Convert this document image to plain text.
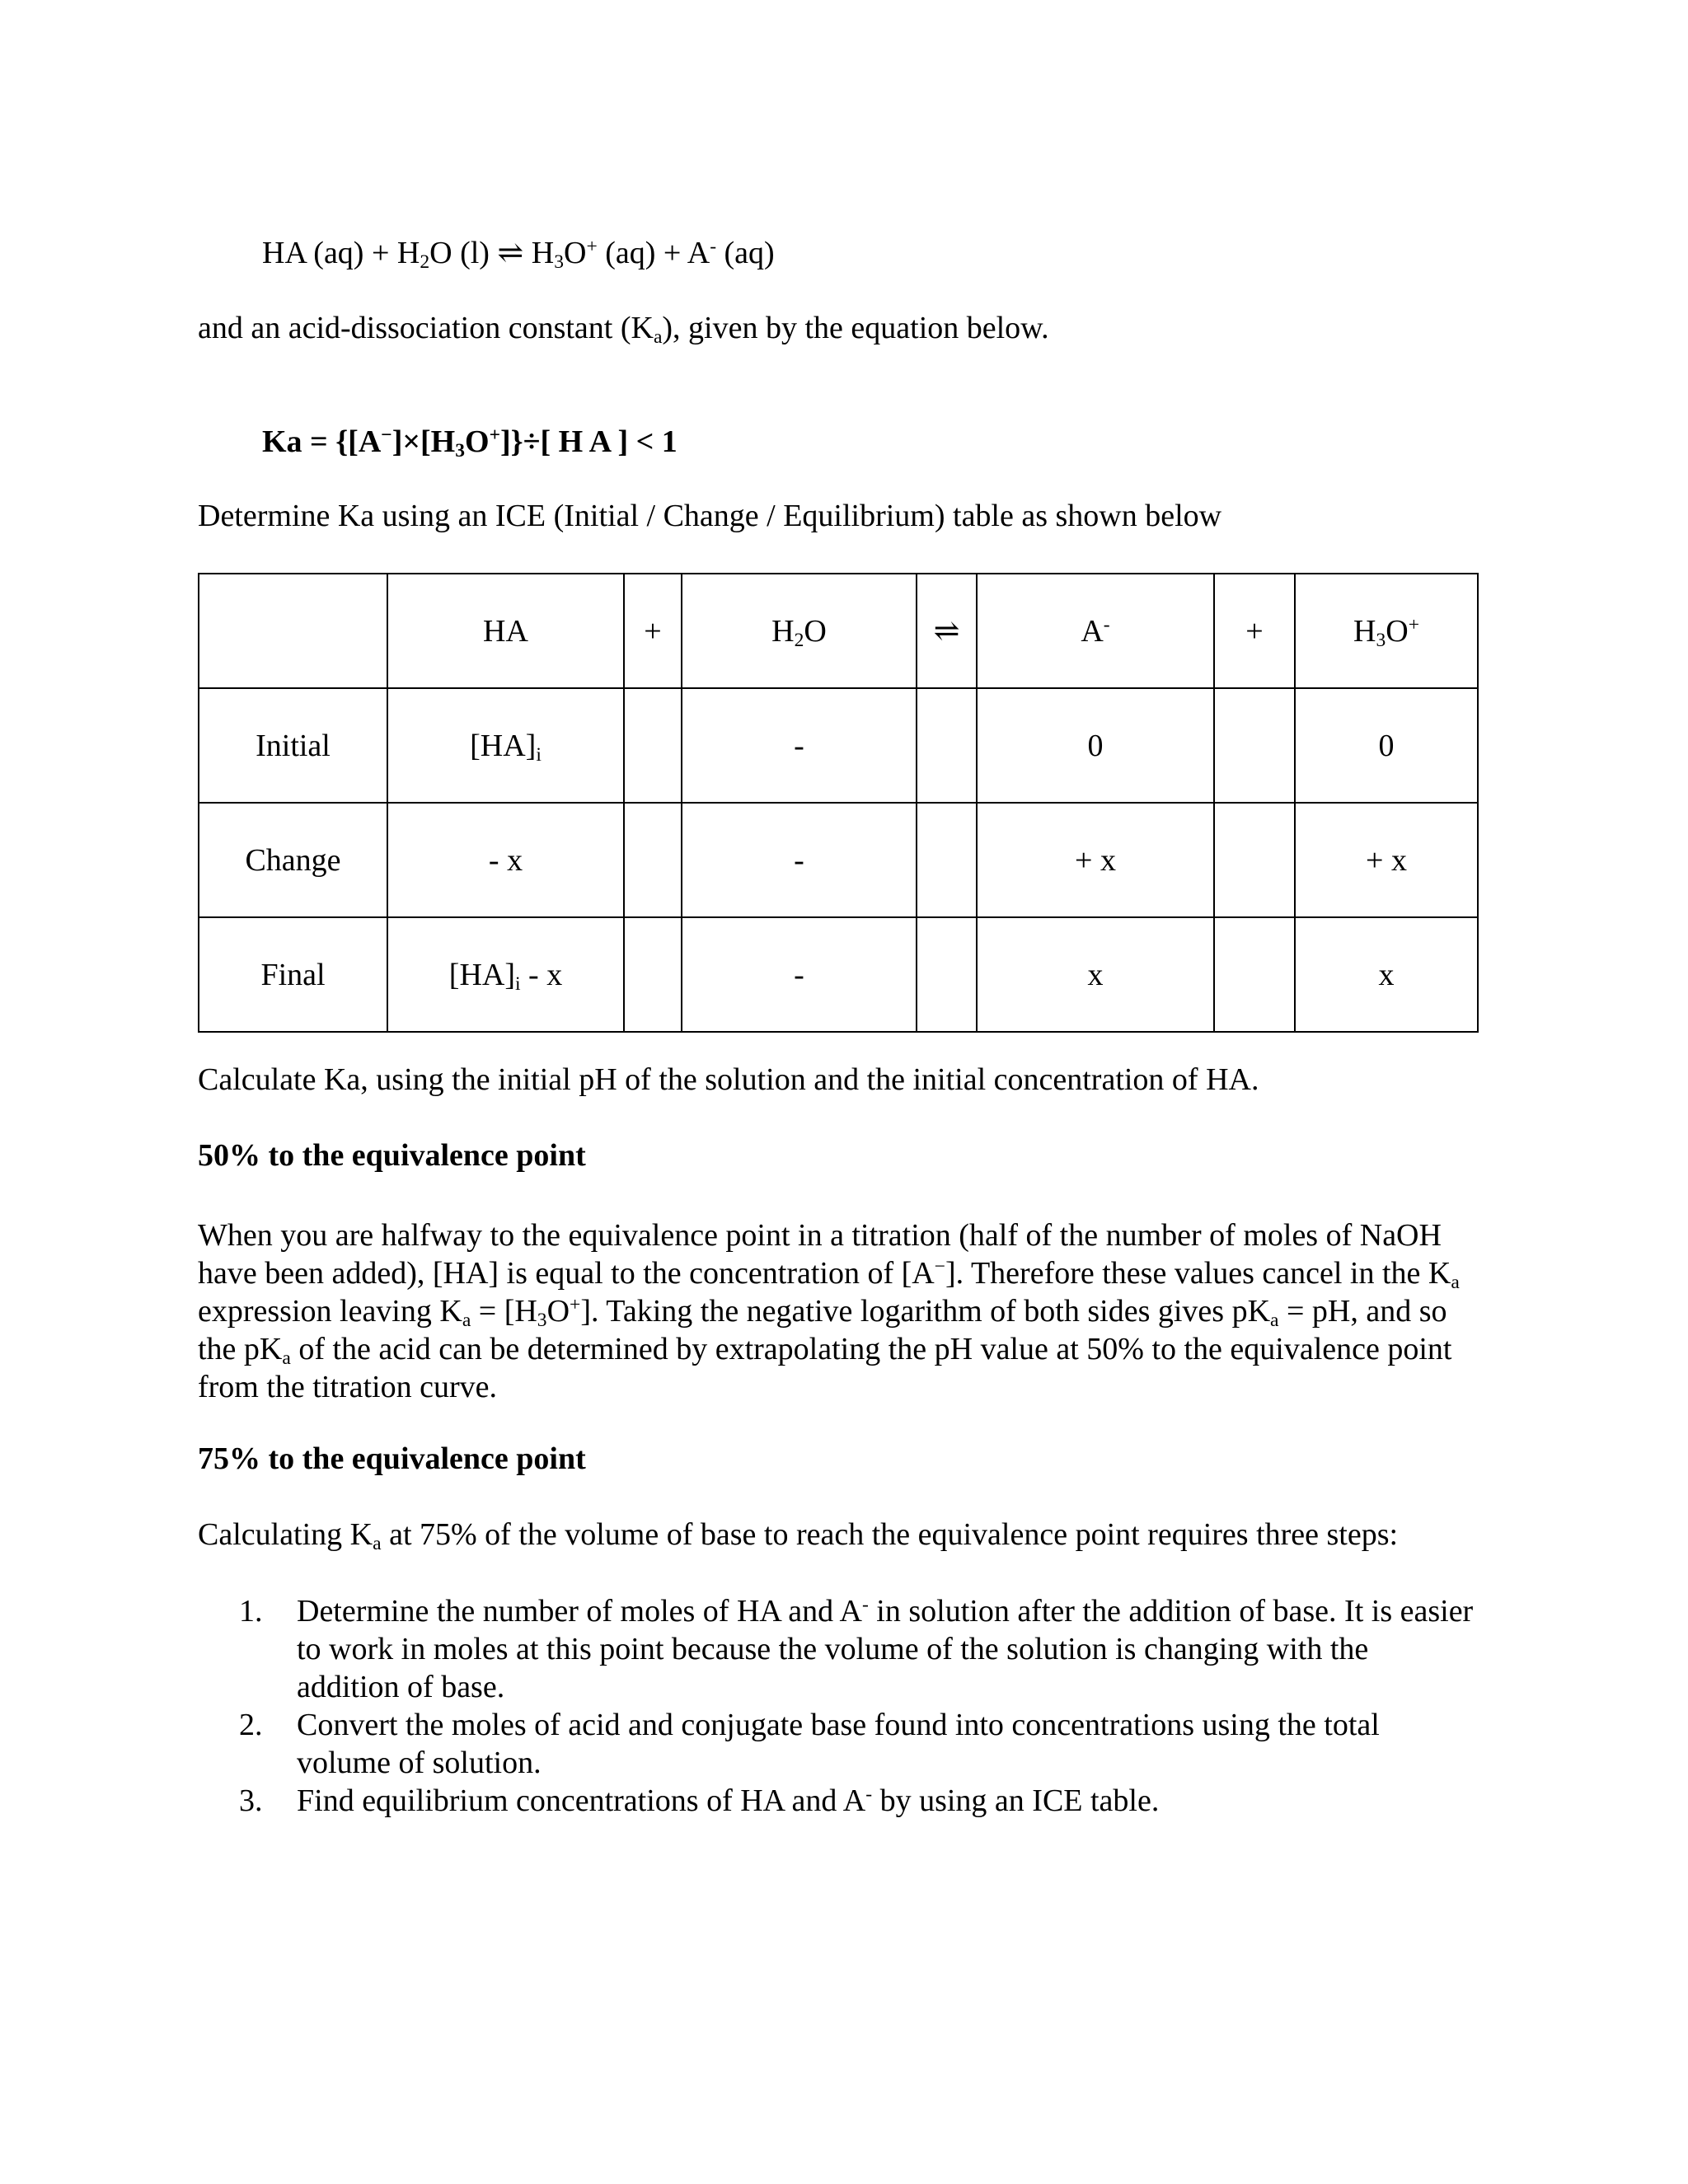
HA $(aq) + H_2O$ (l) ⇌ $H_3O^+$ (aq) + A- (aq)
and an acid-dissociation constant $(K_a)$, given by the equation below.
$Ka = \{[A^-]\times[H_3O^+]\}\div$[ H A ] < 1
Determine Ka using an ICE (Initial / Change / Equilibrium) table as shown below
	HA	+	$H_2O$	⇌	A-	+	$H_3O^+$
Initial	$[HA]_i$		-		0		0
Change	- x		-		+ x		+ x
Final	$[HA]_i$ - x		-		x		x
Calculate Ka, using the initial pH of the solution and the initial concentration of HA.
50% to the equivalence point
When you are halfway to the equivalence point in a titration (half of the number of moles of NaOH have been added), [HA] is equal to the concentration of [A−]. Therefore these values cancel in the $K_a$ expression leaving $K_a = [H_3O^+]$. Taking the negative logarithm of both sides gives $pK_a$ = pH, and so the $pK_a$ of the acid can be determined by extrapolating the pH value at 50% to the equivalence point from the titration curve.
75% to the equivalence point
Calculating $K_a$ at 75% of the volume of base to reach the equivalence point requires three steps:
1. Determine the number of moles of HA and A- in solution after the addition of base. It is easier to work in moles at this point because the volume of the solution is changing with the addition of base.
2. Convert the moles of acid and conjugate base found into concentrations using the total volume of solution.
3. Find equilibrium concentrations of HA and A- by using an ICE table.
